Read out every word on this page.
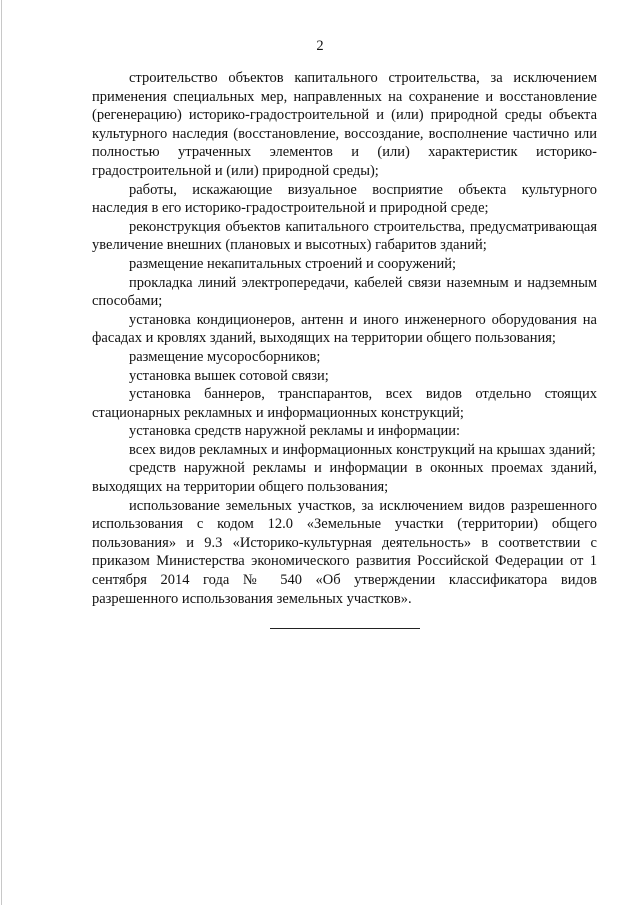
2

строительство объектов капитального строительства, за исключением применения специальных мер, направленных на сохранение и восстановление (регенерацию) историко-градостроительной и (или) природной среды объекта культурного наследия (восстановление, воссоздание, восполнение частично или полностью утраченных элементов и (или) характеристик историко-градостроительной и (или) природной среды);

работы, искажающие визуальное восприятие объекта культурного наследия в его историко-градостроительной и природной среде;

реконструкция объектов капитального строительства, предусматривающая увеличение внешних (плановых и высотных) габаритов зданий;

размещение некапитальных строений и сооружений;

прокладка линий электропередачи, кабелей связи наземным и надземным способами;

установка кондиционеров, антенн и иного инженерного оборудования на фасадах и кровлях зданий, выходящих на территории общего пользования;

размещение мусоросборников;

установка вышек сотовой связи;

установка баннеров, транспарантов, всех видов отдельно стоящих стационарных рекламных и информационных конструкций;

установка средств наружной рекламы и информации:

всех видов рекламных и информационных конструкций на крышах зданий;

средств наружной рекламы и информации в оконных проемах зданий, выходящих на территории общего пользования;

использование земельных участков, за исключением видов разрешенного использования с кодом 12.0 «Земельные участки (территории) общего пользования» и 9.3 «Историко-культурная деятельность» в соответствии с приказом Министерства экономического развития Российской Федерации от 1 сентября 2014 года № 540 «Об утверждении классификатора видов разрешенного использования земельных участков».
